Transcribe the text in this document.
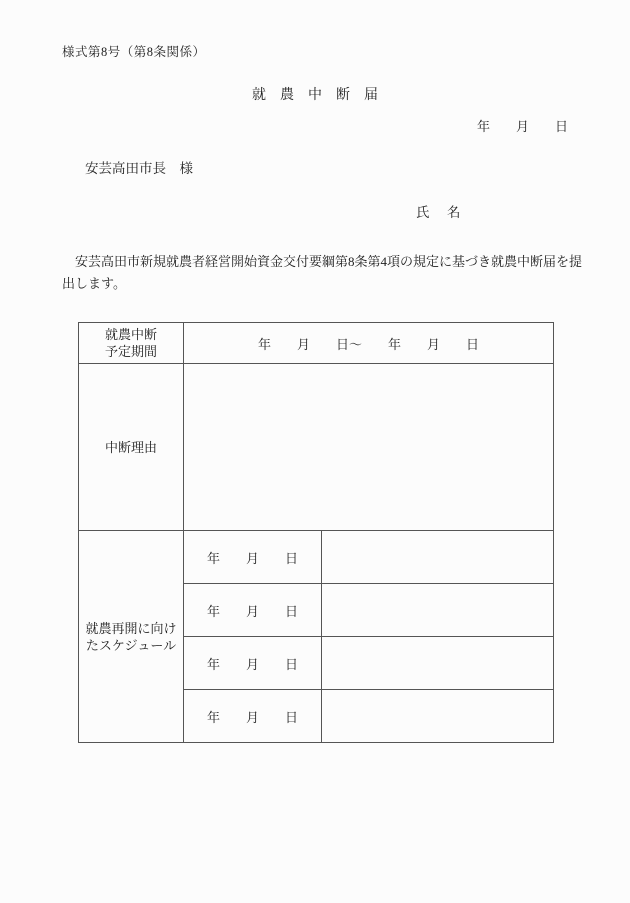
様式第8号（第8条関係）
就　農　中　断　届
年　　月　　日
安芸高田市長　様
氏　名
　安芸高田市新規就農者経営開始資金交付要綱第8条第4項の規定に基づき就農中断届を提
出します。
就農中断
予定期間	年　　月　　日～　　年　　月　　日	
中断理由		

就農再開に向け
たスケジュール	年　　月　　日	
	年　　月　　日	
	年　　月　　日	
	年　　月　　日	
